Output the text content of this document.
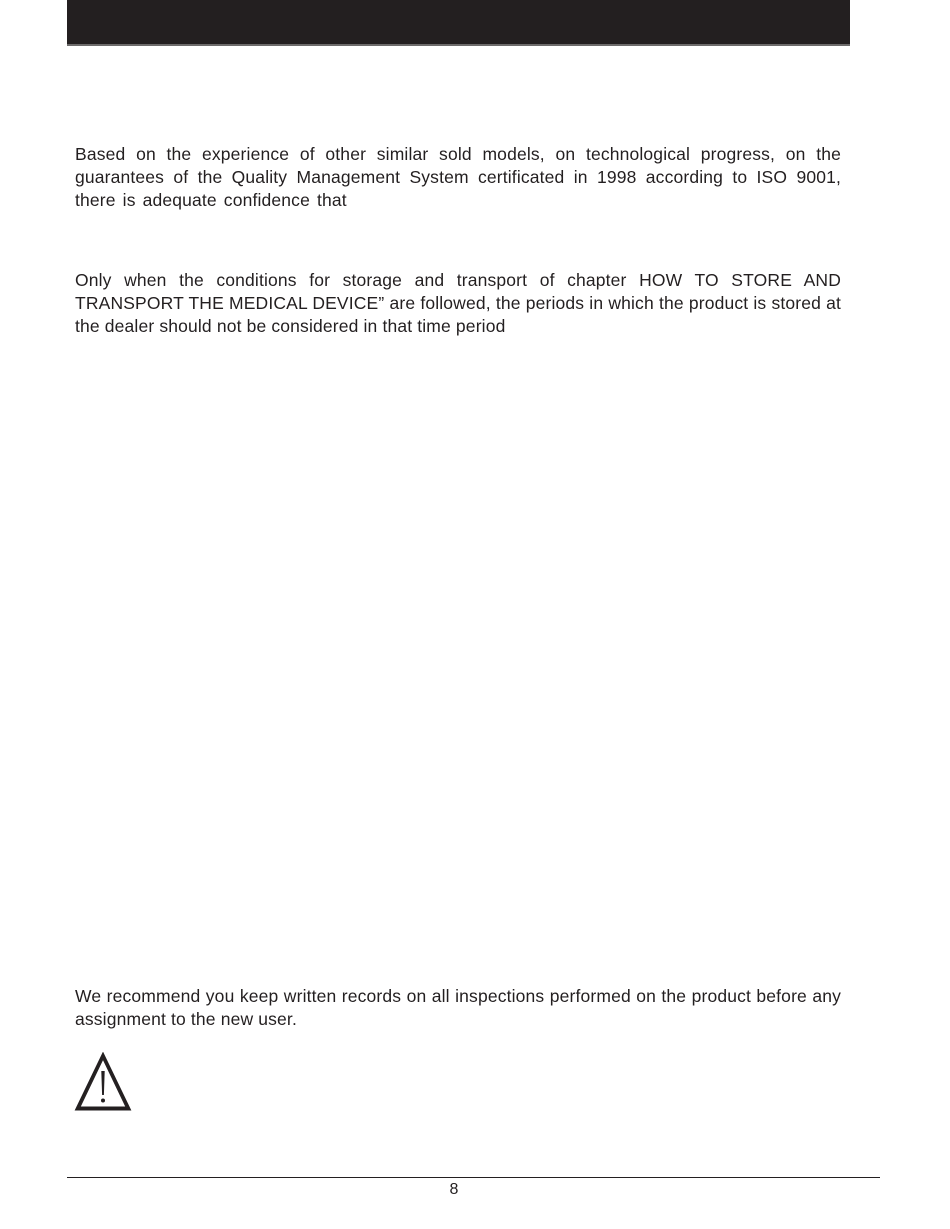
Based on the experience of other similar sold models, on technological progress, on the guarantees of the Quality Management System certificated in 1998 according to ISO 9001, there is adequate confidence that

Only when the conditions for storage and transport of chapter HOW TO STORE AND TRANSPORT THE MEDICAL DEVICE” are followed, the periods in which the product is stored at the dealer should not be considered in that time period

We recommend you keep written records on all inspections performed on the product before any assignment to the new user.

8
